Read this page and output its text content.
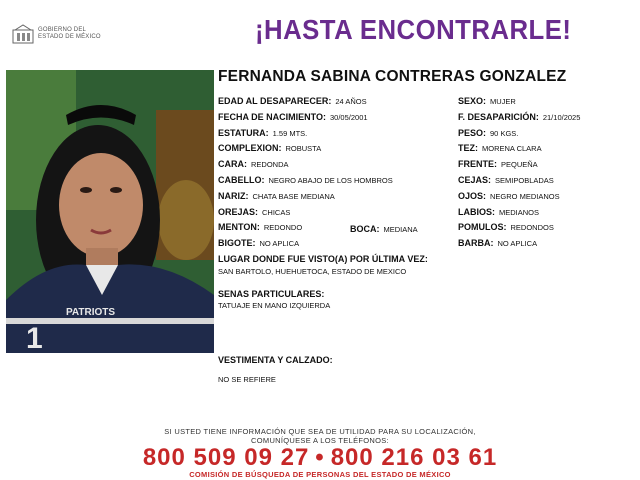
GOBIERNO DEL
ESTADO DE MÉXICO	¡HASTA ENCONTRARLE!
PATRIOTS
1
FERNANDA SABINA CONTRERAS GONZALEZ
EDAD AL DESAPARECER: 24 AÑOS
FECHA DE NACIMIENTO: 30/05/2001
ESTATURA: 1.59 MTS.
COMPLEXION: ROBUSTA
CARA: REDONDA
CABELLO: NEGRO ABAJO DE LOS HOMBROS
NARIZ: CHATA BASE MEDIANA
OREJAS: CHICAS
MENTON: REDONDO
BIGOTE: NO APLICA
SEXO: MUJER
F. DESAPARICIÓN: 21/10/2025
PESO: 90 KGS.
TEZ: MORENA CLARA
FRENTE: PEQUEÑA
CEJAS: SEMIPOBLADAS
OJOS: NEGRO MEDIANOS
LABIOS: MEDIANOS
POMULOS: REDONDOS
BARBA: NO APLICA
BOCA: MEDIANA
LUGAR DONDE FUE VISTO(A) POR ÚLTIMA VEZ:
SAN BARTOLO, HUEHUETOCA, ESTADO DE MEXICO
SENAS PARTICULARES:
TATUAJE EN MANO IZQUIERDA
VESTIMENTA Y CALZADO:
NO SE REFIERE
SI USTED TIENE INFORMACIÓN QUE SEA DE UTILIDAD PARA SU LOCALIZACIÓN,
COMUNÍQUESE A LOS TELÉFONOS:
800 509 09 27 • 800 216 03 61
COMISIÓN DE BÚSQUEDA DE PERSONAS DEL ESTADO DE MÉXICO
